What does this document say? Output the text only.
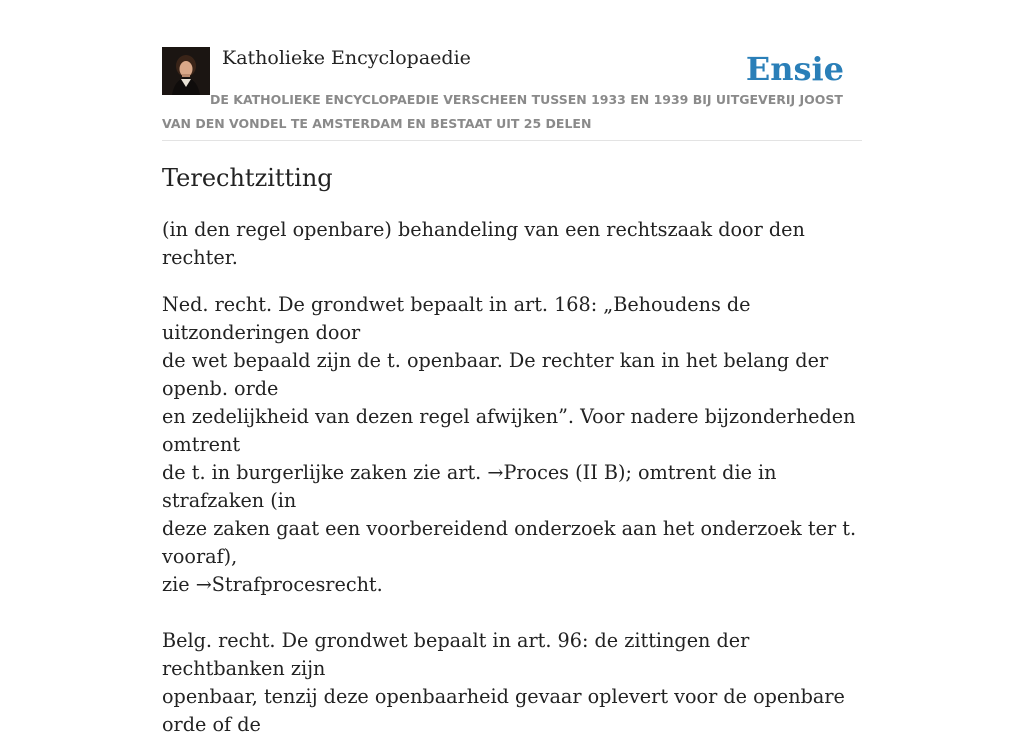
Katholieke Encyclopaedie	Ensie

DE KATHOLIEKE ENCYCLOPAEDIE VERSCHEEN TUSSEN 1933 EN 1939 BIJ UITGEVERIJ JOOST VAN DEN VONDEL TE AMSTERDAM EN BESTAAT UIT 25 DELEN

Terechtzitting

(in den regel openbare) behandeling van een rechtszaak door den rechter.

Ned. recht. De grondwet bepaalt in art. 168: „Behoudens de uitzonderingen door
de wet bepaald zijn de t. openbaar. De rechter kan in het belang der openb. orde
en zedelijkheid van dezen regel afwijken”. Voor nadere bijzonderheden omtrent
de t. in burgerlijke zaken zie art. →Proces (II B); omtrent die in strafzaken (in
deze zaken gaat een voorbereidend onderzoek aan het onderzoek ter t. vooraf),
zie →Strafprocesrecht.

Belg. recht. De grondwet bepaalt in art. 96: de zittingen der rechtbanken zijn
openbaar, tenzij deze openbaarheid gevaar oplevert voor de openbare orde of de
